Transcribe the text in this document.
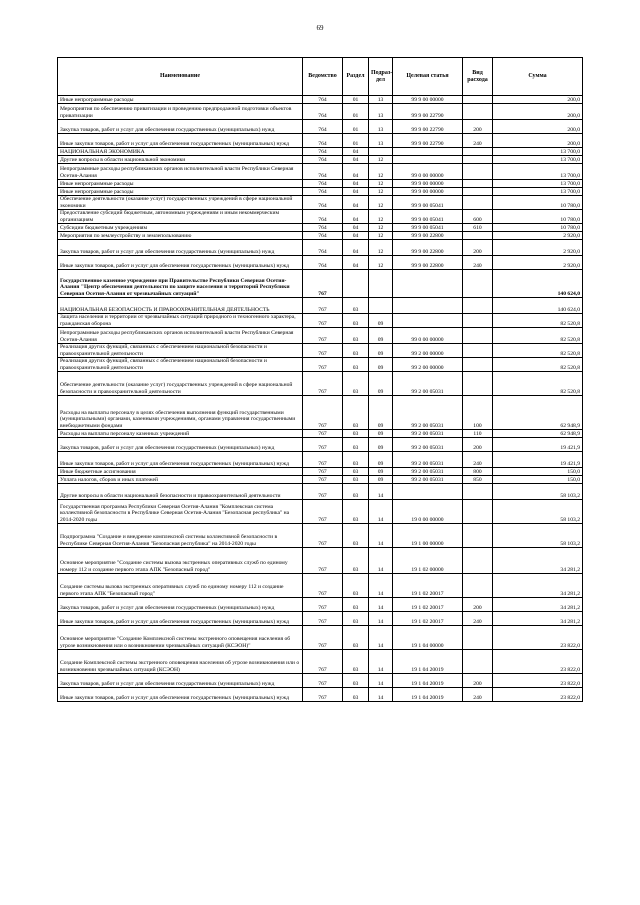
69
Наименование	Ведомство	Раздел	Подраз-дел	Целевая статья	Вид расхода	Сумма
Иные непрограммные расходы	764	01	13	99 9 00 00000		200,0
Мероприятия по обеспечению приватизации и проведению предпродажной подготовки объектов приватизации	764	01	13	99 9 00 22790		200,0
Закупка товаров, работ и услуг для обеспечения государственных (муниципальных) нужд	764	01	13	99 9 00 22790	200	200,0
Иные закупки товаров, работ и услуг для обеспечения государственных (муниципальных) нужд	764	01	13	99 9 00 22790	240	200,0
НАЦИОНАЛЬНАЯ ЭКОНОМИКА	764	04				13 700,0
Другие вопросы в области национальной экономики	764	04	12			13 700,0
Непрограммные расходы республиканских органов исполнительной власти Республики Северная Осетия-Алания	764	04	12	99 0 00 00000		13 700,0
Иные непрограммные расходы	764	04	12	99 9 00 00000		13 700,0
Иные непрограммные расходы	764	04	12	99 9 00 00000		13 700,0
Обеспечение деятельности (оказание услуг) государственных учреждений в сфере национальной экономики	764	04	12	99 9 00 05041		10 780,0
Предоставление субсидий бюджетным, автономным учреждениям и иным некоммерческим организациям	764	04	12	99 9 00 05041	600	10 780,0
Субсидии бюджетным учреждениям	764	04	12	99 9 00 05041	610	10 780,0
Мероприятия по землеустройству и землепользованию	764	04	12	99 9 00 22800		2 920,0
Закупка товаров, работ и услуг для обеспечения государственных (муниципальных) нужд	764	04	12	99 9 00 22800	200	2 920,0
Иные закупки товаров, работ и услуг для обеспечения государственных (муниципальных) нужд	764	04	12	99 9 00 22800	240	2 920,0
Государственное казенное учреждение при Правительстве Республики Северная Осетия-Алания "Центр обеспечения деятельности по защите населения и территорий Республики Северная Осетия-Алания от чрезвычайных ситуаций"	767					140 624,0
НАЦИОНАЛЬНАЯ БЕЗОПАСНОСТЬ И ПРАВООХРАНИТЕЛЬНАЯ ДЕЯТЕЛЬНОСТЬ	767	03				140 624,0
Защита населения и территории от чрезвычайных ситуаций природного и техногенного характера, гражданская оборона	767	03	09			82 520,8
Непрограммные расходы республиканских органов исполнительной власти Республики Северная Осетия-Алания	767	03	09	99 0 00 00000		82 520,8
Реализация других функций, связанных с обеспечением национальной безопасности и правоохранительной деятельности	767	03	09	99 2 00 00000		82 520,8
Реализация других функций, связанных с обеспечением национальной безопасности и правоохранительной деятельности	767	03	09	99 2 00 00000		82 520,8
Обеспечение деятельности (оказание услуг) государственных учреждений в сфере национальной безопасности и правоохранительной деятельности	767	03	09	99 2 00 05031		82 520,8
Расходы на выплаты персоналу в целях обеспечения выполнения функций государственными (муниципальными) органами, казенными учреждениями, органами управления государственными внебюджетными фондами	767	03	09	99 2 00 05031	100	62 948,9
Расходы на выплаты персоналу казенных учреждений	767	03	09	99 2 00 05031	110	62 948,9
Закупка товаров, работ и услуг для обеспечения государственных (муниципальных) нужд	767	03	09	99 2 00 05031	200	19 421,9
Иные закупки товаров, работ и услуг для обеспечения государственных (муниципальных) нужд	767	03	09	99 2 00 05031	240	19 421,9
Иные бюджетные ассигнования	767	03	09	99 2 00 05031	800	150,0
Уплата налогов, сборов и иных платежей	767	03	09	99 2 00 05031	850	150,0
Другие вопросы в области национальной безопасности и правоохранительной деятельности	767	03	14			58 103,2
Государственная программа Республики Северная Осетия-Алания "Комплексная система коллективной безопасности в Республике Северная Осетия-Алания "Безопасная республика" на 2014-2020 годы	767	03	14	19 0 00 00000		58 103,2
Подпрограмма "Создание и внедрение комплексной системы коллективной безопасности в Республике Северная Осетия-Алания "Безопасная республика" на 2014-2020 годы	767	03	14	19 1 00 00000		58 103,2
Основное мероприятие "Создание системы вызова экстренных оперативных служб по единому номеру 112 и создание первого этапа АПК "Безопасный город"	767	03	14	19 1 02 00000		34 281,2
Создание системы вызова экстренных оперативных служб по единому номеру 112 и создание первого этапа АПК "Безопасный город"	767	03	14	19 1 02 20017		34 281,2
Закупка товаров, работ и услуг для обеспечения государственных (муниципальных) нужд	767	03	14	19 1 02 20017	200	34 281,2
Иные закупки товаров, работ и услуг для обеспечения государственных (муниципальных) нужд	767	03	14	19 1 02 20017	240	34 281,2
Основное мероприятие "Создание Комплексной системы экстренного оповещения населения об угрозе возникновения или о возникновении чрезвычайных ситуаций (КСЭОН)"	767	03	14	19 1 04 00000		23 822,0
Создание Комплексной системы экстренного оповещения населения об угрозе возникновения или о возникновении чрезвычайных ситуаций (КСЭОН)	767	03	14	19 1 04 20019		23 822,0
Закупка товаров, работ и услуг для обеспечения государственных (муниципальных) нужд	767	03	14	19 1 04 20019	200	23 822,0
Иные закупки товаров, работ и услуг для обеспечения государственных (муниципальных) нужд	767	03	14	19 1 04 20019	240	23 822,0
